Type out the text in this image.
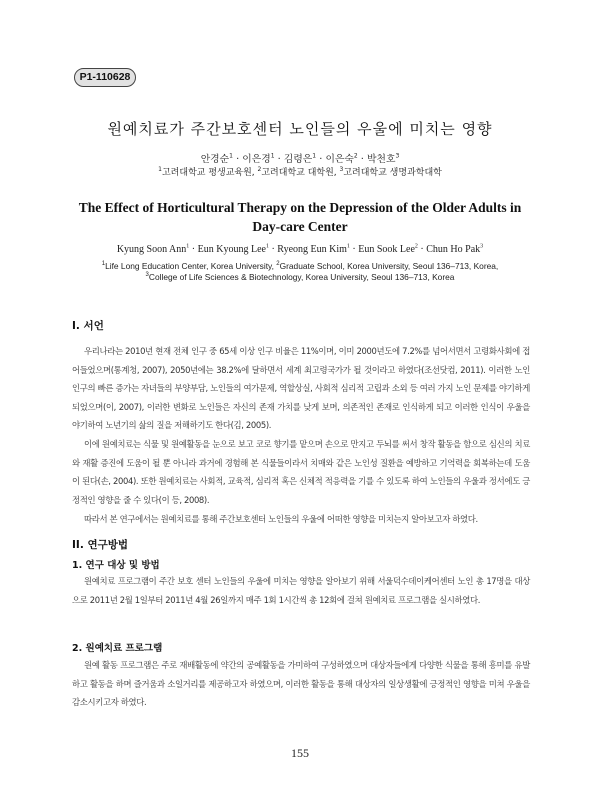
P1-110628
원예치료가 주간보호센터 노인들의 우울에 미치는 영향
안경순$^1$ · 이은경$^1$ · 김령은$^1$ · 이은숙$^2$ · 박천호$^3$
$^1$고려대학교 평생교육원, $^2$고려대학교 대학원, $^3$고려대학교 생명과학대학
The Effect of Horticultural Therapy on the Depression of the Older Adults in Day-care Center
Kyung Soon Ann$^1$ · Eun Kyoung Lee$^1$ · Ryeong Eun Kim$^1$ · Eun Sook Lee$^2$ · Chun Ho Pak$^3$
$^1$Life Long Education Center, Korea University, $^2$Graduate School, Korea University, Seoul 136–713, Korea,
$^3$College of Life Sciences & Biotechnology, Korea University, Seoul 136–713, Korea
I. 서언
우리나라는 2010년 현재 전체 인구 중 65세 이상 인구 비율은 11%이며, 이미 2000년도에 7.2%를 넘어서면서 고령화사회에 접어들었으며(통계청, 2007), 2050년에는 38.2%에 달하면서 세계 최고령국가가 될 것이라고 하였다(조선닷컴, 2011). 이러한 노인 인구의 빠른 증가는 자녀들의 부양부담, 노인들의 여가문제, 역할상실, 사회적 심리적 고립과 소외 등 여러 가지 노인 문제를 야기하게 되었으며(이, 2007), 이러한 변화로 노인들은 자신의 존재 가치를 낮게 보며, 의존적인 존재로 인식하게 되고 이러한 인식이 우울을 야기하여 노년기의 삶의 질을 저해하기도 한다(김, 2005).
이에 원예치료는 식물 및 원예활동을 눈으로 보고 코로 향기를 맡으며 손으로 만지고 두뇌를 써서 창작 활동을 함으로 심신의 치료와 재활 증진에 도움이 될 뿐 아니라 과거에 경험해 본 식물들이라서 치매와 같은 노인성 질환을 예방하고 기억력을 회복하는데 도움이 된다(손, 2004). 또한 원예치료는 사회적, 교육적, 심리적 혹은 신체적 적응력을 기를 수 있도록 하여 노인들의 우울과 정서에도 긍정적인 영향을 줄 수 있다(이 등, 2008).
따라서 본 연구에서는 원예치료를 통해 주간보호센터 노인들의 우울에 어떠한 영향을 미치는지 알아보고자 하였다.
II. 연구방법
1. 연구 대상 및 방법
원예치료 프로그램이 주간 보호 센터 노인들의 우울에 미치는 영향을 알아보기 위해 서울덕수데이케어센터 노인 총 17명을 대상으로 2011년 2월 1일부터 2011년 4월 26일까지 매주 1회 1시간씩 총 12회에 걸쳐 원예치료 프로그램을 실시하였다.
2. 원예치료 프로그램
원예 활동 프로그램은 주로 재배활동에 약간의 공예활동을 가미하여 구성하였으며 대상자들에게 다양한 식물을 통해 흥미를 유발하고 활동을 하며 즐거움과 소일거리를 제공하고자 하였으며, 이러한 활동을 통해 대상자의 일상생활에 긍정적인 영향을 미쳐 우울을 감소시키고자 하였다.
155
